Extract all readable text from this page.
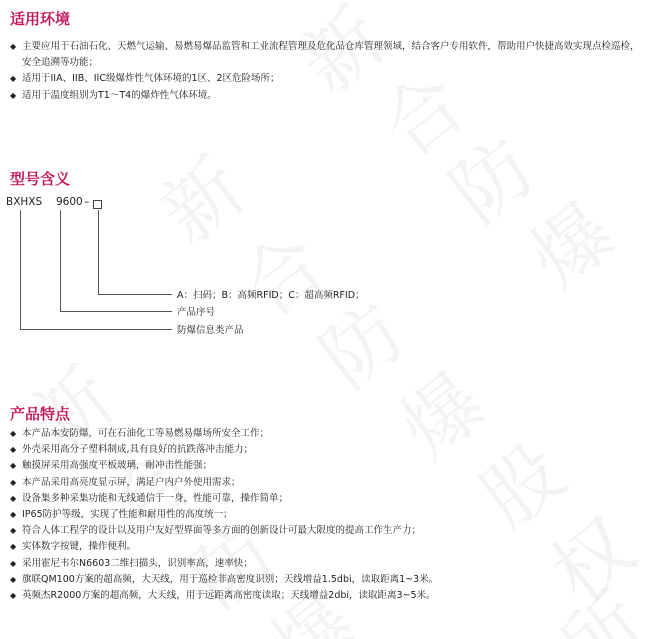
适用环境
◆ 主要应用于石油石化、天燃气运输、易燃易爆品监管和工业流程管理及危化品仓库管理领域，结合客户专用软件，帮助用户快捷高效实现点检巡检，安全追溯等功能；
◆ 适用于IIA、IIB、IIC级爆炸性气体环境的1区、2区危险场所；
◆ 适用于温度组别为T1～T4的爆炸性气体环境。
型号含义
BXHXS 9600 –
A：扫码；B：高频RFID；C：超高频RFID；
产品序号
防爆信息类产品
产品特点
◆ 本产品本安防爆，可在石油化工等易燃易爆场所安全工作；
◆ 外壳采用高分子塑料制成,具有良好的抗跌落冲击能力；
◆ 触摸屏采用高强度平板玻璃，耐冲击性能强；
◆ 本产品采用高亮度显示屏，满足户内户外使用需求；
◆ 设备集多种采集功能和无线通信于一身，性能可靠，操作简单；
◆ IP65防护等级，实现了性能和耐用性的高度统一；
◆ 符合人体工程学的设计以及用户友好型界面等多方面的创新设计可最大限度的提高工作生产力；
◆ 实体数字按键，操作便利。
◆ 采用霍尼韦尔N6603二维扫描头，识别率高，速率快；
◆ 旗联QM100方案的超高频，大天线，用于巡检非高密度识别；天线增益1.5dbi，读取距离1~3米。
◆ 英频杰R2000方案的超高频，大天线，用于远距离高密度读取；天线增益2dbi，读取距离3~5米。
